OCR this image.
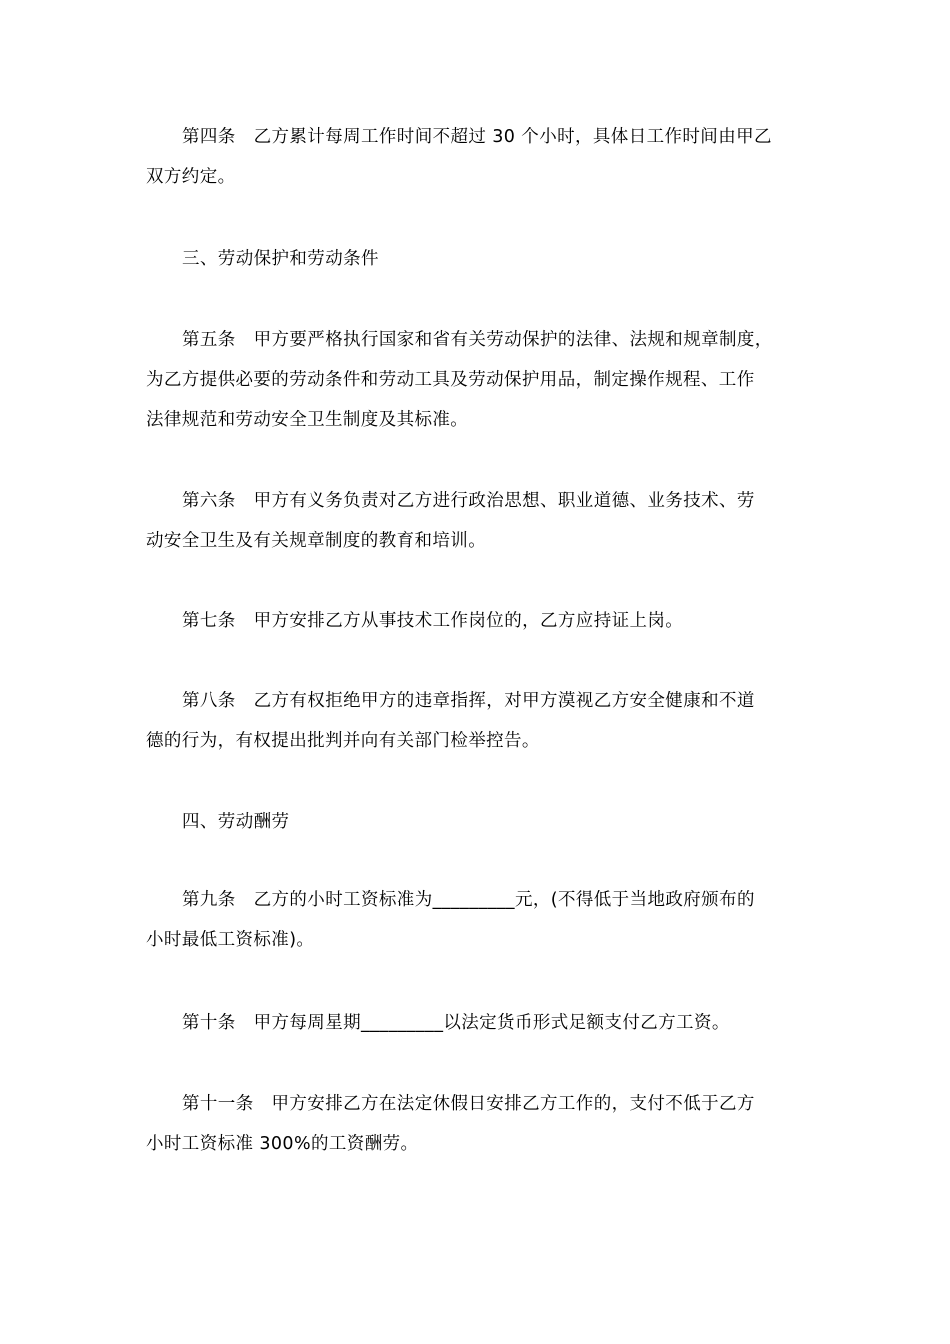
第四条　乙方累计每周工作时间不超过 30 个小时，具体日工作时间由甲乙
双方约定。
三、劳动保护和劳动条件
第五条　甲方要严格执行国家和省有关劳动保护的法律、法规和规章制度，
为乙方提供必要的劳动条件和劳动工具及劳动保护用品，制定操作规程、工作
法律规范和劳动安全卫生制度及其标准。
第六条　甲方有义务负责对乙方进行政治思想、职业道德、业务技术、劳
动安全卫生及有关规章制度的教育和培训。
第七条　甲方安排乙方从事技术工作岗位的，乙方应持证上岗。
第八条　乙方有权拒绝甲方的违章指挥，对甲方漠视乙方安全健康和不道
德的行为，有权提出批判并向有关部门检举控告。
四、劳动酬劳
第九条　乙方的小时工资标准为_________元，(不得低于当地政府颁布的
小时最低工资标准)。
第十条　甲方每周星期_________以法定货币形式足额支付乙方工资。
第十一条　甲方安排乙方在法定休假日安排乙方工作的，支付不低于乙方
小时工资标准 300%的工资酬劳。
